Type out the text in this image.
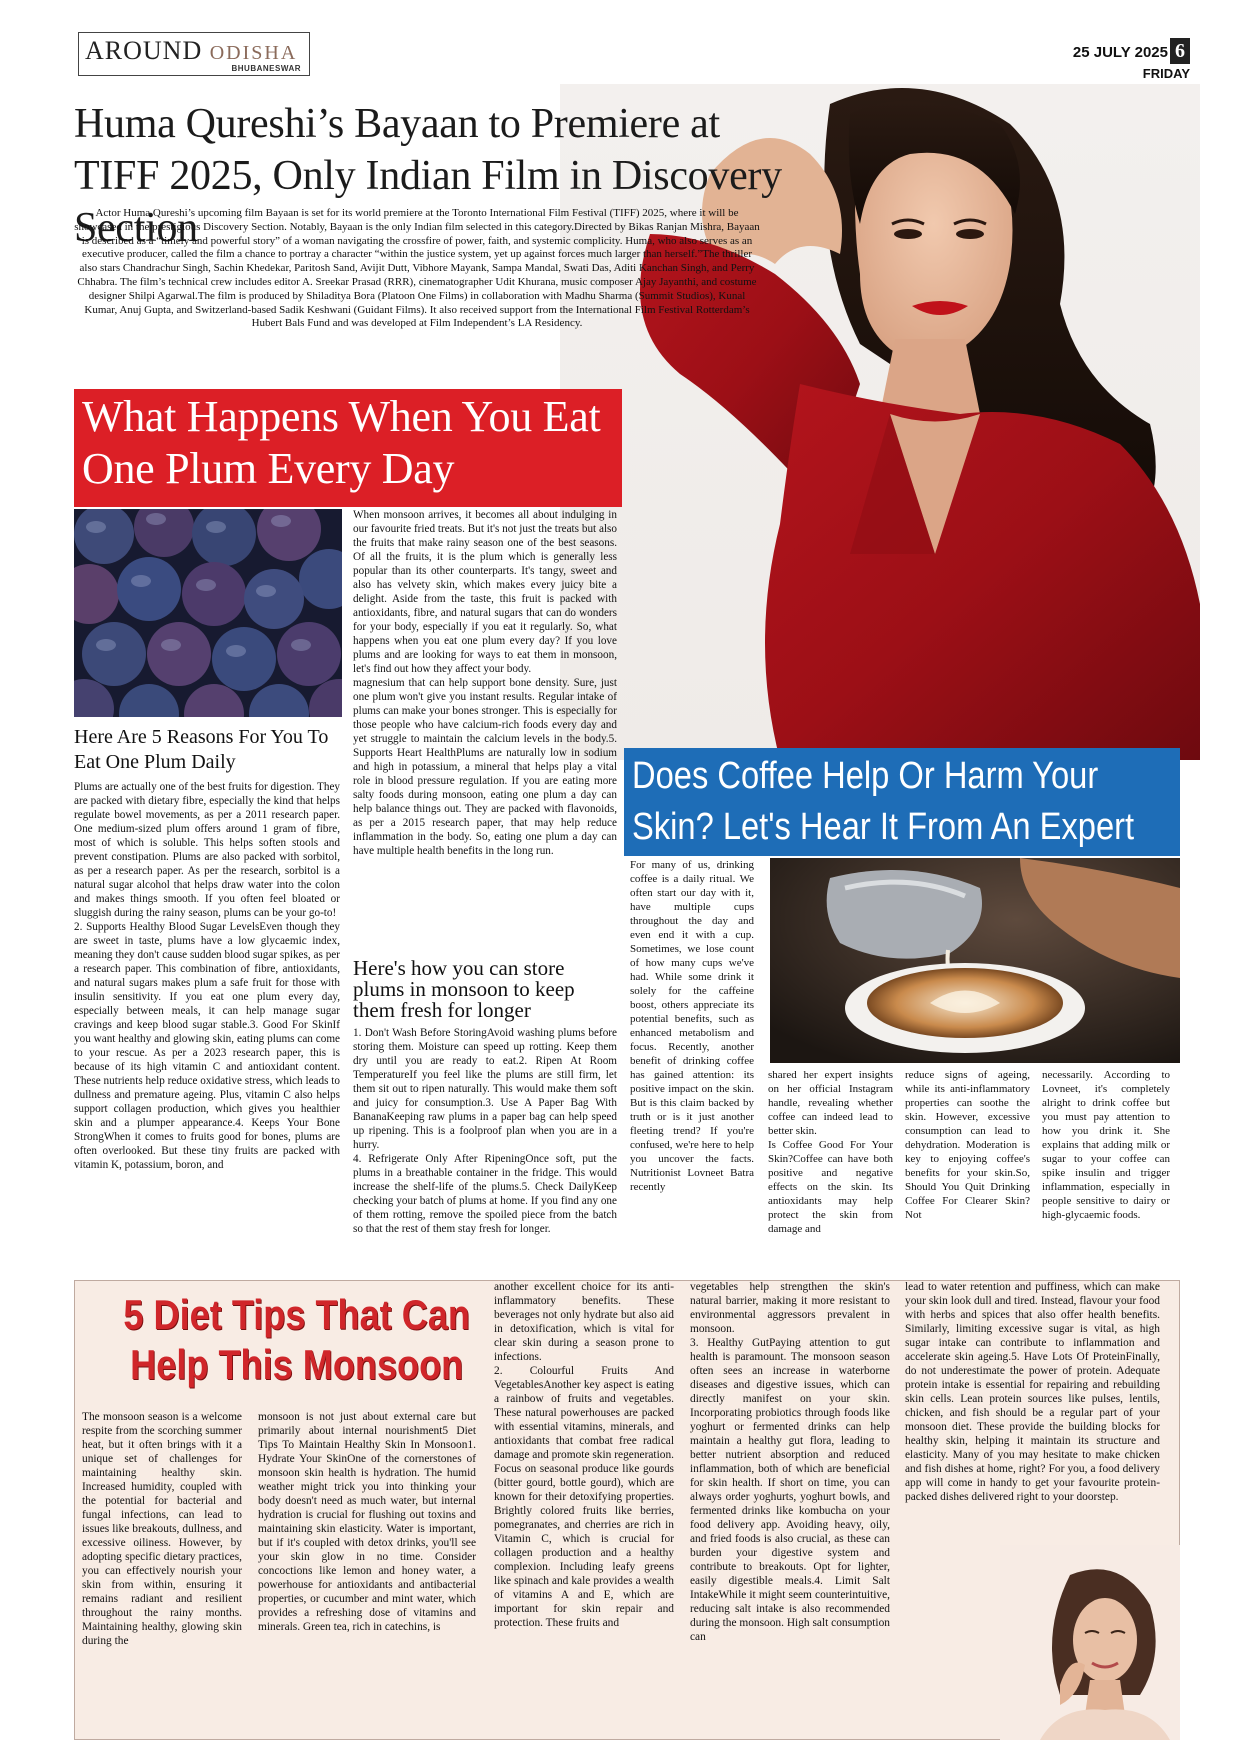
AROUND ODISHA
BHUBANESWAR
25 JULY 2025 6
FRIDAY
Huma Qureshi’s Bayaan to Premiere at TIFF 2025, Only Indian Film in Discovery Section
Actor Huma Qureshi’s upcoming film Bayaan is set for its world premiere at the Toronto International Film Festival (TIFF) 2025, where it will be showcased in the prestigious Discovery Section. Notably, Bayaan is the only Indian film selected in this category.Directed by Bikas Ranjan Mishra, Bayaan is described as a “timely and powerful story” of a woman navigating the crossfire of power, faith, and systemic complicity. Huma, who also serves as an executive producer, called the film a chance to portray a character “within the justice system, yet up against forces much larger than herself.”The thriller also stars Chandrachur Singh, Sachin Khedekar, Paritosh Sand, Avijit Dutt, Vibhore Mayank, Sampa Mandal, Swati Das, Aditi Kanchan Singh, and Perry Chhabra. The film’s technical crew includes editor A. Sreekar Prasad (RRR), cinematographer Udit Khurana, music composer Ajay Jayanthi, and costume designer Shilpi Agarwal.The film is produced by Shiladitya Bora (Platoon One Films) in collaboration with Madhu Sharma (Summit Studios), Kunal Kumar, Anuj Gupta, and Switzerland-based Sadik Keshwani (Guidant Films). It also received support from the International Film Festival Rotterdam’s Hubert Bals Fund and was developed at Film Independent’s LA Residency.
What Happens When You Eat One Plum Every Day
Here Are 5 Reasons For You To Eat One Plum Daily
Plums are actually one of the best fruits for digestion. They are packed with dietary fibre, especially the kind that helps regulate bowel movements, as per a 2011 research paper. One medium-sized plum offers around 1 gram of fibre, most of which is soluble. This helps soften stools and prevent constipation. Plums are also packed with sorbitol, as per a research paper. As per the research, sorbitol is a natural sugar alcohol that helps draw water into the colon and makes things smooth. If you often feel bloated or sluggish during the rainy season, plums can be your go-to!
2. Supports Healthy Blood Sugar LevelsEven though they are sweet in taste, plums have a low glycaemic index, meaning they don't cause sudden blood sugar spikes, as per a research paper. This combination of fibre, antioxidants, and natural sugars makes plum a safe fruit for those with insulin sensitivity. If you eat one plum every day, especially between meals, it can help manage sugar cravings and keep blood sugar stable.3. Good For SkinIf you want healthy and glowing skin, eating plums can come to your rescue. As per a 2023 research paper, this is because of its high vitamin C and antioxidant content. These nutrients help reduce oxidative stress, which leads to dullness and premature ageing. Plus, vitamin C also helps support collagen production, which gives you healthier skin and a plumper appearance.4. Keeps Your Bone StrongWhen it comes to fruits good for bones, plums are often overlooked. But these tiny fruits are packed with vitamin K, potassium, boron, and
When monsoon arrives, it becomes all about indulging in our favourite fried treats. But it's not just the treats but also the fruits that make rainy season one of the best seasons. Of all the fruits, it is the plum which is generally less popular than its other counterparts. It's tangy, sweet and also has velvety skin, which makes every juicy bite a delight. Aside from the taste, this fruit is packed with antioxidants, fibre, and natural sugars that can do wonders for your body, especially if you eat it regularly. So, what happens when you eat one plum every day? If you love plums and are looking for ways to eat them in monsoon, let's find out how they affect your body.
magnesium that can help support bone density. Sure, just one plum won't give you instant results. Regular intake of plums can make your bones stronger. This is especially for those people who have calcium-rich foods every day and yet struggle to maintain the calcium levels in the body.5. Supports Heart HealthPlums are naturally low in sodium and high in potassium, a mineral that helps play a vital role in blood pressure regulation. If you are eating more salty foods during monsoon, eating one plum a day can help balance things out. They are packed with flavonoids, as per a 2015 research paper, that may help reduce inflammation in the body. So, eating one plum a day can have multiple health benefits in the long run.
Here's how you can store plums in monsoon to keep them fresh for longer
1. Don't Wash Before StoringAvoid washing plums before storing them. Moisture can speed up rotting. Keep them dry until you are ready to eat.2. Ripen At Room TemperatureIf you feel like the plums are still firm, let them sit out to ripen naturally. This would make them soft and juicy for consumption.3. Use A Paper Bag With BananaKeeping raw plums in a paper bag can help speed up ripening. This is a foolproof plan when you are in a hurry.
4. Refrigerate Only After RipeningOnce soft, put the plums in a breathable container in the fridge. This would increase the shelf-life of the plums.5. Check DailyKeep checking your batch of plums at home. If you find any one of them rotting, remove the spoiled piece from the batch so that the rest of them stay fresh for longer.
Does Coffee Help Or Harm Your Skin? Let's Hear It From An Expert
For many of us, drinking coffee is a daily ritual. We often start our day with it, have multiple cups throughout the day and even end it with a cup. Sometimes, we lose count of how many cups we've had. While some drink it solely for the caffeine boost, others appreciate its potential benefits, such as enhanced metabolism and focus. Recently, another benefit of drinking coffee has gained attention: its positive impact on the skin. But is this claim backed by truth or is it just another fleeting trend? If you're confused, we're here to help you uncover the facts. Nutritionist Lovneet Batra recently
shared her expert insights on her official Instagram handle, revealing whether coffee can indeed lead to better skin.
Is Coffee Good For Your Skin?Coffee can have both positive and negative effects on the skin. Its antioxidants may help protect the skin from damage and
reduce signs of ageing, while its anti-inflammatory properties can soothe the skin. However, excessive consumption can lead to dehydration. Moderation is key to enjoying coffee's benefits for your skin.So, Should You Quit Drinking Coffee For Clearer Skin?Not
necessarily. According to Lovneet, it's completely alright to drink coffee but you must pay attention to how you drink it. She explains that adding milk or sugar to your coffee can spike insulin and trigger inflammation, especially in people sensitive to dairy or high-glycaemic foods.
5 Diet Tips That Can Help This Monsoon
The monsoon season is a welcome respite from the scorching summer heat, but it often brings with it a unique set of challenges for maintaining healthy skin. Increased humidity, coupled with the potential for bacterial and fungal infections, can lead to issues like breakouts, dullness, and excessive oiliness. However, by adopting specific dietary practices, you can effectively nourish your skin from within, ensuring it remains radiant and resilient throughout the rainy months. Maintaining healthy, glowing skin during the
monsoon is not just about external care but primarily about internal nourishment5 Diet Tips To Maintain Healthy Skin In Monsoon1. Hydrate Your SkinOne of the cornerstones of monsoon skin health is hydration. The humid weather might trick you into thinking your body doesn't need as much water, but internal hydration is crucial for flushing out toxins and maintaining skin elasticity. Water is important, but if it's coupled with detox drinks, you'll see your skin glow in no time. Consider concoctions like lemon and honey water, a powerhouse for antioxidants and antibacterial properties, or cucumber and mint water, which provides a refreshing dose of vitamins and minerals. Green tea, rich in catechins, is
another excellent choice for its anti-inflammatory benefits. These beverages not only hydrate but also aid in detoxification, which is vital for clear skin during a season prone to infections.
2. Colourful Fruits And VegetablesAnother key aspect is eating a rainbow of fruits and vegetables. These natural powerhouses are packed with essential vitamins, minerals, and antioxidants that combat free radical damage and promote skin regeneration. Focus on seasonal produce like gourds (bitter gourd, bottle gourd), which are known for their detoxifying properties. Brightly colored fruits like berries, pomegranates, and cherries are rich in Vitamin C, which is crucial for collagen production and a healthy complexion. Including leafy greens like spinach and kale provides a wealth of vitamins A and E, which are important for skin repair and protection. These fruits and
vegetables help strengthen the skin's natural barrier, making it more resistant to environmental aggressors prevalent in monsoon.
3. Healthy GutPaying attention to gut health is paramount. The monsoon season often sees an increase in waterborne diseases and digestive issues, which can directly manifest on your skin. Incorporating probiotics through foods like yoghurt or fermented drinks can help maintain a healthy gut flora, leading to better nutrient absorption and reduced inflammation, both of which are beneficial for skin health. If short on time, you can always order yoghurts, yoghurt bowls, and fermented drinks like kombucha on your food delivery app. Avoiding heavy, oily, and fried foods is also crucial, as these can burden your digestive system and contribute to breakouts. Opt for lighter, easily digestible meals.4. Limit Salt IntakeWhile it might seem counterintuitive, reducing salt intake is also recommended during the monsoon. High salt consumption can
lead to water retention and puffiness, which can make your skin look dull and tired. Instead, flavour your food with herbs and spices that also offer health benefits. Similarly, limiting excessive sugar is vital, as high sugar intake can contribute to inflammation and accelerate skin ageing.5. Have Lots Of ProteinFinally, do not underestimate the power of protein. Adequate protein intake is essential for repairing and rebuilding skin cells. Lean protein sources like pulses, lentils, chicken, and fish should be a regular part of your monsoon diet. These provide the building blocks for healthy skin, helping it maintain its structure and elasticity. Many of you may hesitate to make chicken and fish dishes at home, right? For you, a food delivery app will come in handy to get your favourite protein-packed dishes delivered right to your doorstep.
